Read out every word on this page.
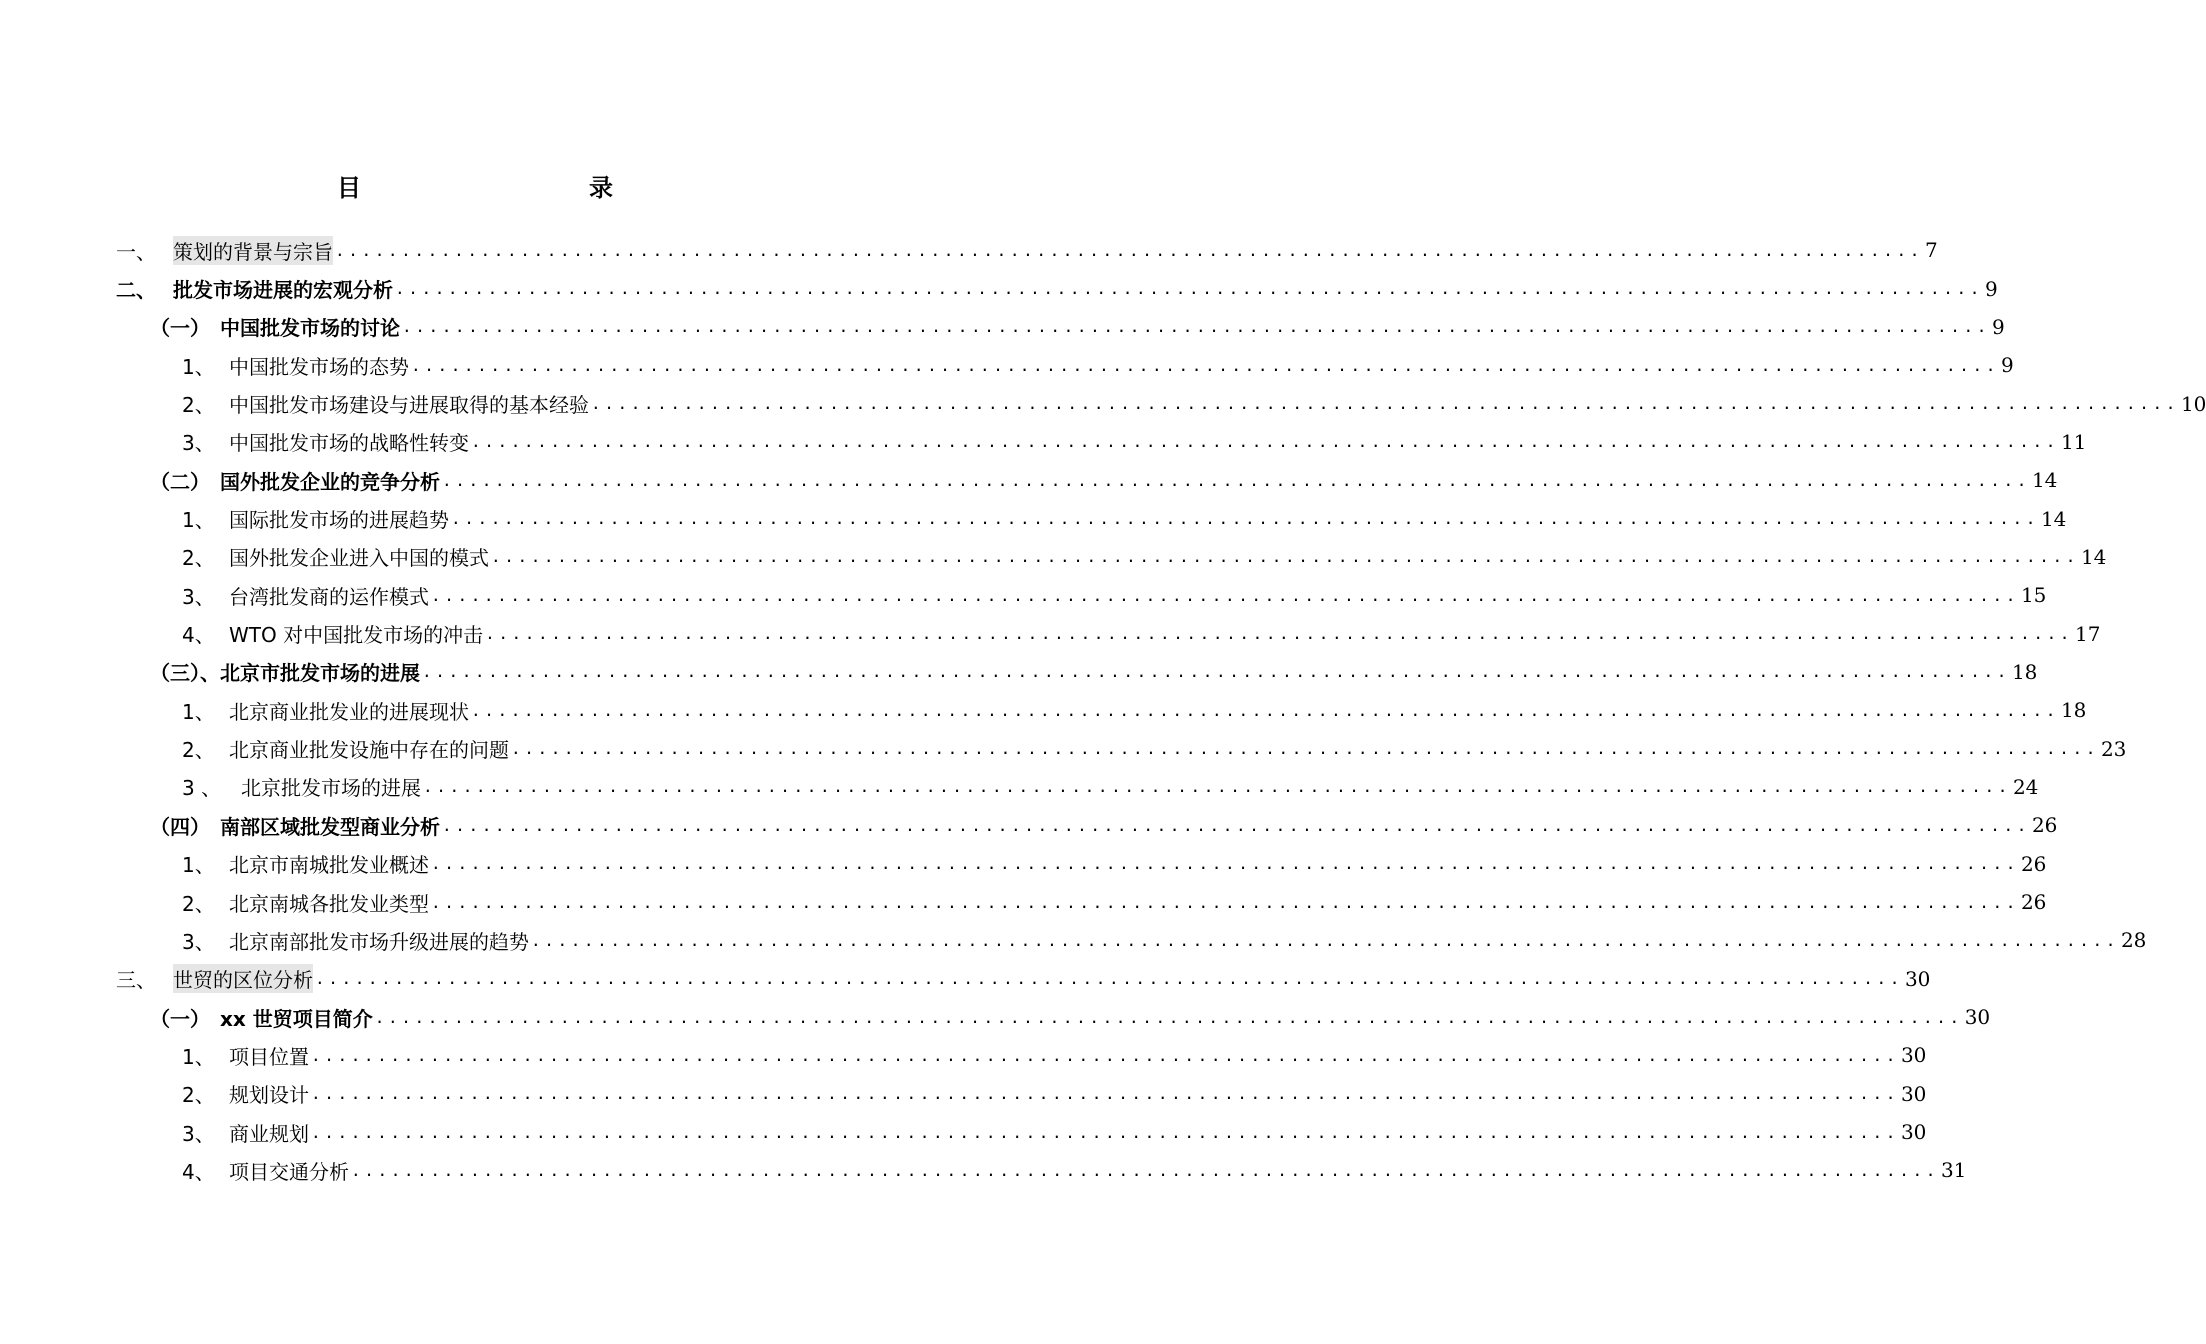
目　　录
一、 策划的背景与宗旨 ........................................................................................................................ 7
二、 批发市场进展的宏观分析 ........................................................................................................................ 9
（一） 中国批发市场的讨论 ........................................................................................................................ 9
1、 中国批发市场的态势 ........................................................................................................................ 9
2、 中国批发市场建设与进展取得的基本经验 ........................................................................................................................ 10
3、 中国批发市场的战略性转变 ........................................................................................................................ 11
（二） 国外批发企业的竞争分析 ........................................................................................................................ 14
1、 国际批发市场的进展趋势 ........................................................................................................................ 14
2、 国外批发企业进入中国的模式 ........................................................................................................................ 14
3、 台湾批发商的运作模式 ........................................................................................................................ 15
4、 WTO 对中国批发市场的冲击 ........................................................................................................................ 17
（三）、 北京市批发市场的进展 ........................................................................................................................ 18
1、 北京商业批发业的进展现状 ........................................................................................................................ 18
2、 北京商业批发设施中存在的问题 ........................................................................................................................ 23
3 、 北京批发市场的进展 ........................................................................................................................ 24
（四） 南部区域批发型商业分析 ........................................................................................................................ 26
1、 北京市南城批发业概述 ........................................................................................................................ 26
2、 北京南城各批发业类型 ........................................................................................................................ 26
3、 北京南部批发市场升级进展的趋势 ........................................................................................................................ 28
三、 世贸的区位分析 ........................................................................................................................ 30
（一） xx 世贸项目简介 ........................................................................................................................ 30
1、 项目位置 ........................................................................................................................ 30
2、 规划设计 ........................................................................................................................ 30
3、 商业规划 ........................................................................................................................ 30
4、 项目交通分析 ........................................................................................................................ 31
